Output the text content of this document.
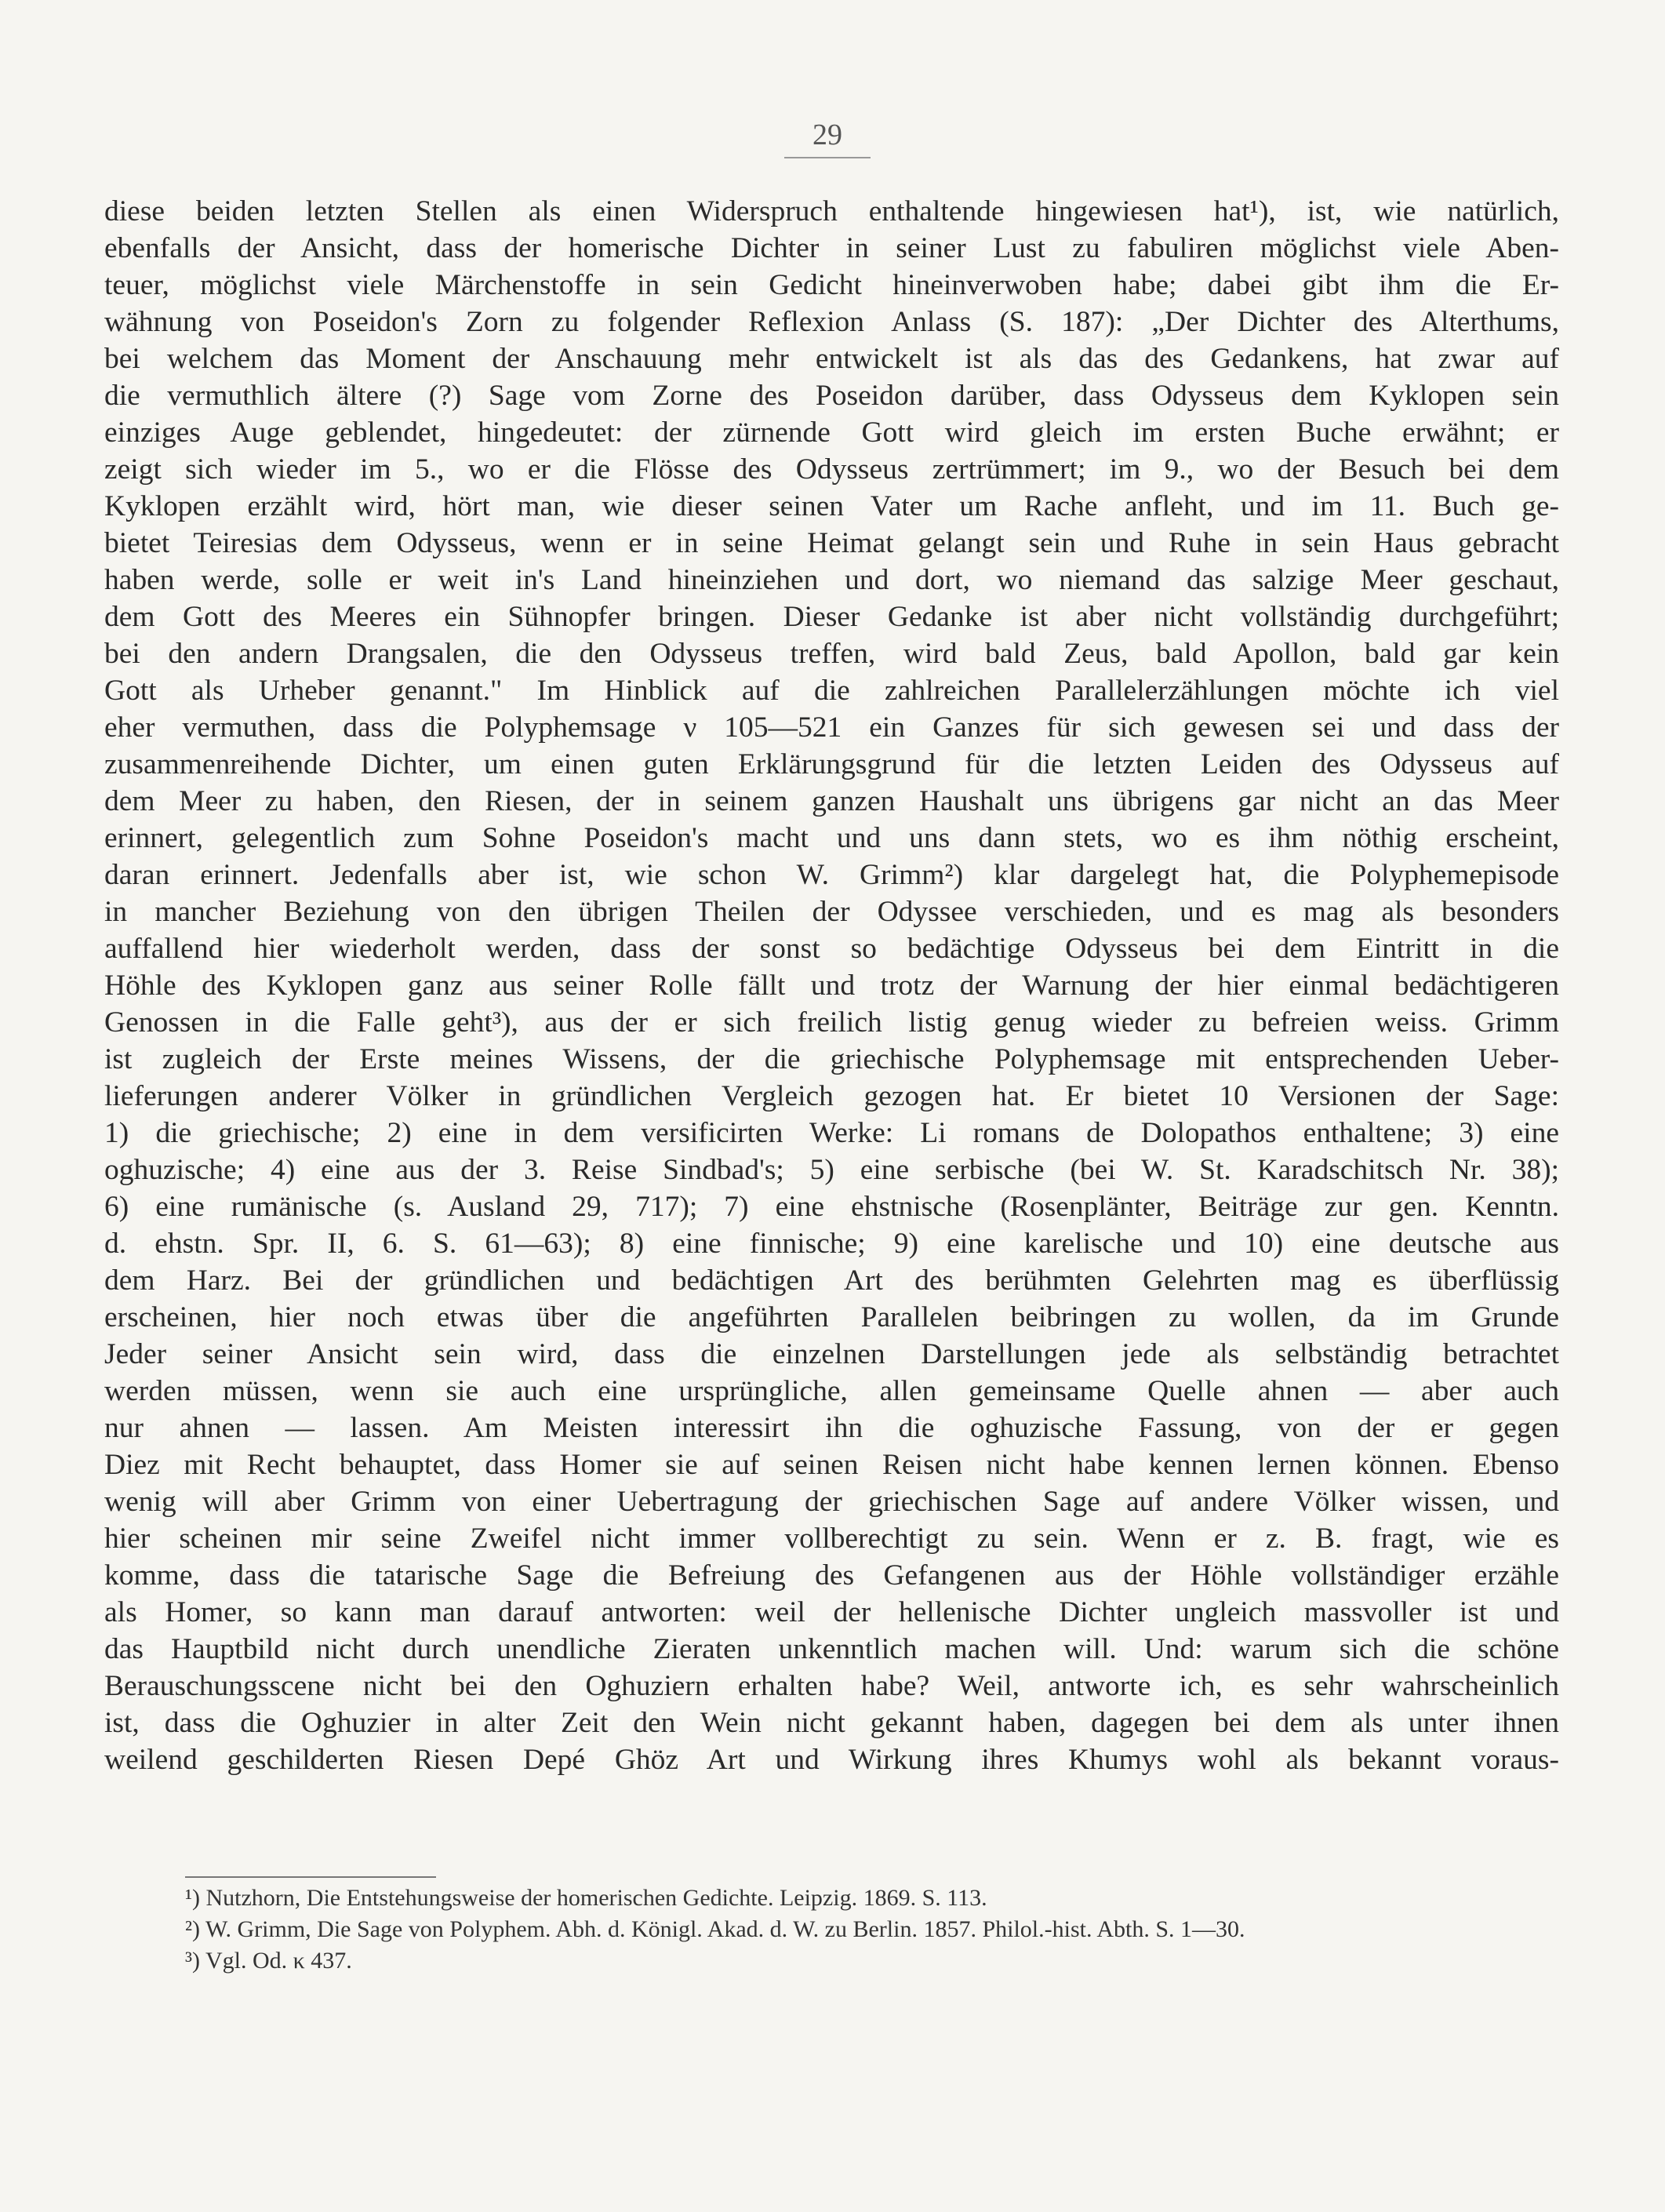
29
diese beiden letzten Stellen als einen Widerspruch enthaltende hingewiesen hat¹), ist, wie natürlich,
ebenfalls der Ansicht, dass der homerische Dichter in seiner Lust zu fabuliren möglichst viele Aben-
teuer, möglichst viele Märchenstoffe in sein Gedicht hineinverwoben habe; dabei gibt ihm die Er-
wähnung von Poseidon's Zorn zu folgender Reflexion Anlass (S. 187): „Der Dichter des Alterthums,
bei welchem das Moment der Anschauung mehr entwickelt ist als das des Gedankens, hat zwar auf
die vermuthlich ältere (?) Sage vom Zorne des Poseidon darüber, dass Odysseus dem Kyklopen sein
einziges Auge geblendet, hingedeutet: der zürnende Gott wird gleich im ersten Buche erwähnt; er
zeigt sich wieder im 5., wo er die Flösse des Odysseus zertrümmert; im 9., wo der Besuch bei dem
Kyklopen erzählt wird, hört man, wie dieser seinen Vater um Rache anfleht, und im 11. Buch ge-
bietet Teiresias dem Odysseus, wenn er in seine Heimat gelangt sein und Ruhe in sein Haus gebracht
haben werde, solle er weit in's Land hineinziehen und dort, wo niemand das salzige Meer geschaut,
dem Gott des Meeres ein Sühnopfer bringen. Dieser Gedanke ist aber nicht vollständig durchgeführt;
bei den andern Drangsalen, die den Odysseus treffen, wird bald Zeus, bald Apollon, bald gar kein
Gott als Urheber genannt." Im Hinblick auf die zahlreichen Parallelerzählungen möchte ich viel
eher vermuthen, dass die Polyphemsage ν 105—521 ein Ganzes für sich gewesen sei und dass der
zusammenreihende Dichter, um einen guten Erklärungsgrund für die letzten Leiden des Odysseus auf
dem Meer zu haben, den Riesen, der in seinem ganzen Haushalt uns übrigens gar nicht an das Meer
erinnert, gelegentlich zum Sohne Poseidon's macht und uns dann stets, wo es ihm nöthig erscheint,
daran erinnert. Jedenfalls aber ist, wie schon W. Grimm²) klar dargelegt hat, die Polyphemepisode
in mancher Beziehung von den übrigen Theilen der Odyssee verschieden, und es mag als besonders
auffallend hier wiederholt werden, dass der sonst so bedächtige Odysseus bei dem Eintritt in die
Höhle des Kyklopen ganz aus seiner Rolle fällt und trotz der Warnung der hier einmal bedächtigeren
Genossen in die Falle geht³), aus der er sich freilich listig genug wieder zu befreien weiss. Grimm
ist zugleich der Erste meines Wissens, der die griechische Polyphemsage mit entsprechenden Ueber-
lieferungen anderer Völker in gründlichen Vergleich gezogen hat. Er bietet 10 Versionen der Sage:
1) die griechische; 2) eine in dem versificirten Werke: Li romans de Dolopathos enthaltene; 3) eine
oghuzische; 4) eine aus der 3. Reise Sindbad's; 5) eine serbische (bei W. St. Karadschitsch Nr. 38);
6) eine rumänische (s. Ausland 29, 717); 7) eine ehstnische (Rosenplänter, Beiträge zur gen. Kenntn.
d. ehstn. Spr. II, 6. S. 61—63); 8) eine finnische; 9) eine karelische und 10) eine deutsche aus
dem Harz. Bei der gründlichen und bedächtigen Art des berühmten Gelehrten mag es überflüssig
erscheinen, hier noch etwas über die angeführten Parallelen beibringen zu wollen, da im Grunde
Jeder seiner Ansicht sein wird, dass die einzelnen Darstellungen jede als selbständig betrachtet
werden müssen, wenn sie auch eine ursprüngliche, allen gemeinsame Quelle ahnen — aber auch
nur ahnen — lassen. Am Meisten interessirt ihn die oghuzische Fassung, von der er gegen
Diez mit Recht behauptet, dass Homer sie auf seinen Reisen nicht habe kennen lernen können. Ebenso
wenig will aber Grimm von einer Uebertragung der griechischen Sage auf andere Völker wissen, und
hier scheinen mir seine Zweifel nicht immer vollberechtigt zu sein. Wenn er z. B. fragt, wie es
komme, dass die tatarische Sage die Befreiung des Gefangenen aus der Höhle vollständiger erzähle
als Homer, so kann man darauf antworten: weil der hellenische Dichter ungleich massvoller ist und
das Hauptbild nicht durch unendliche Zieraten unkenntlich machen will. Und: warum sich die schöne
Berauschungsscene nicht bei den Oghuziern erhalten habe? Weil, antworte ich, es sehr wahrscheinlich
ist, dass die Oghuzier in alter Zeit den Wein nicht gekannt haben, dagegen bei dem als unter ihnen
weilend geschilderten Riesen Depé Ghöz Art und Wirkung ihres Khumys wohl als bekannt voraus-
¹) Nutzhorn, Die Entstehungsweise der homerischen Gedichte. Leipzig. 1869. S. 113.
²) W. Grimm, Die Sage von Polyphem. Abh. d. Königl. Akad. d. W. zu Berlin. 1857. Philol.-hist. Abth. S. 1—30.
³) Vgl. Od. κ 437.
